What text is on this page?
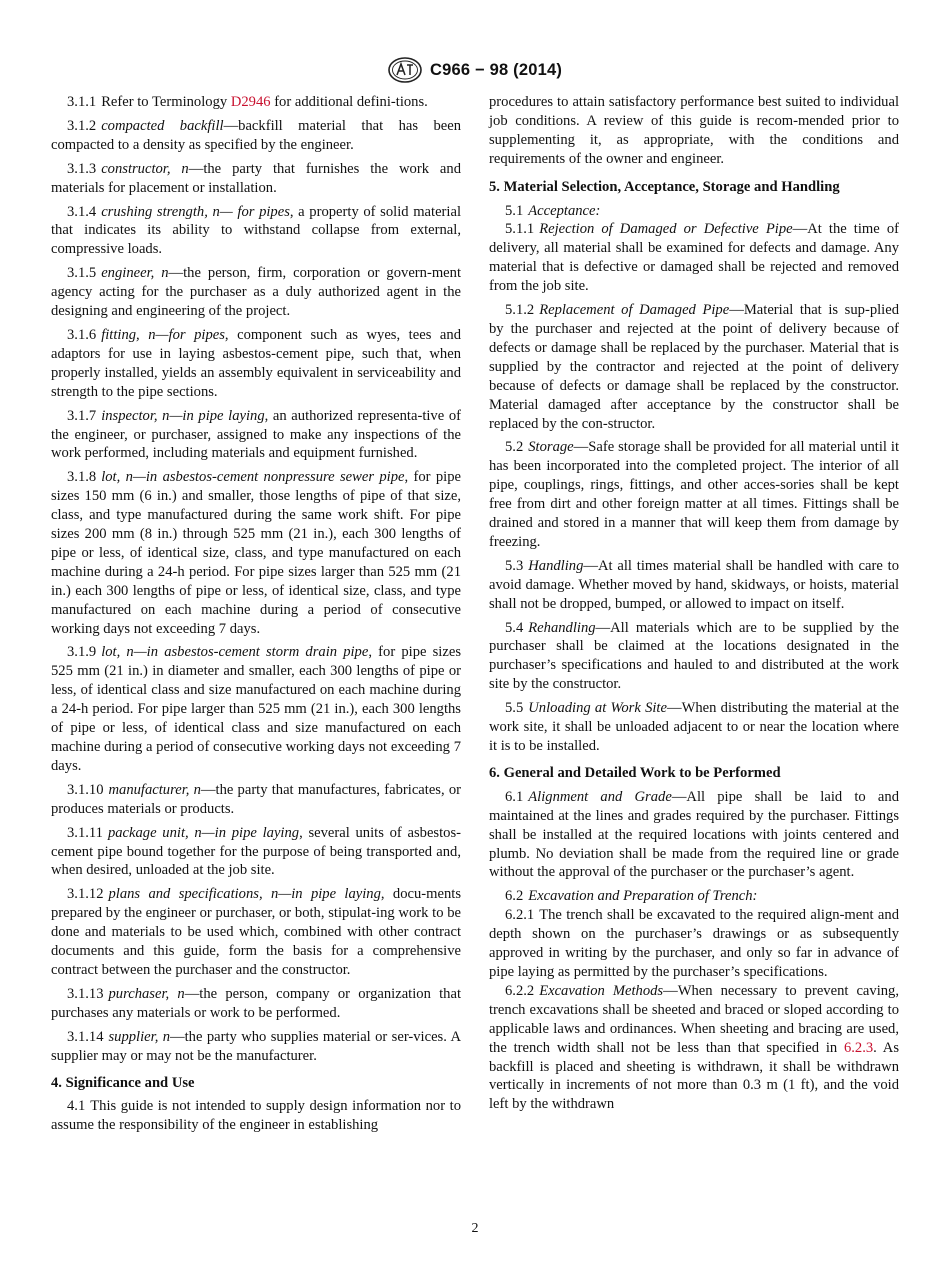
C966 − 98 (2014)

3.1.1 Refer to Terminology D2946 for additional defini-tions.

3.1.2 compacted backfill—backfill material that has been compacted to a density as specified by the engineer.

3.1.3 constructor, n—the party that furnishes the work and materials for placement or installation.

3.1.4 crushing strength, n— for pipes, a property of solid material that indicates its ability to withstand collapse from external, compressive loads.

3.1.5 engineer, n—the person, firm, corporation or govern-ment agency acting for the purchaser as a duly authorized agent in the designing and engineering of the project.

3.1.6 fitting, n—for pipes, component such as wyes, tees and adaptors for use in laying asbestos-cement pipe, such that, when properly installed, yields an assembly equivalent in serviceability and strength to the pipe sections.

3.1.7 inspector, n—in pipe laying, an authorized representa-tive of the engineer, or purchaser, assigned to make any inspections of the work performed, including materials and equipment furnished.

3.1.8 lot, n—in asbestos-cement nonpressure sewer pipe, for pipe sizes 150 mm (6 in.) and smaller, those lengths of pipe of that size, class, and type manufactured during the same work shift. For pipe sizes 200 mm (8 in.) through 525 mm (21 in.), each 300 lengths of pipe or less, of identical size, class, and type manufactured on each machine during a 24-h period. For pipe sizes larger than 525 mm (21 in.) each 300 lengths of pipe or less, of identical size, class, and type manufactured on each machine during a period of consecutive working days not exceeding 7 days.

3.1.9 lot, n—in asbestos-cement storm drain pipe, for pipe sizes 525 mm (21 in.) in diameter and smaller, each 300 lengths of pipe or less, of identical class and size manufactured on each machine during a 24-h period. For pipe larger than 525 mm (21 in.), each 300 lengths of pipe or less, of identical class and size manufactured on each machine during a period of consecutive working days not exceeding 7 days.

3.1.10 manufacturer, n—the party that manufactures, fabricates, or produces materials or products.

3.1.11 package unit, n—in pipe laying, several units of asbestos-cement pipe bound together for the purpose of being transported and, when desired, unloaded at the job site.

3.1.12 plans and specifications, n—in pipe laying, docu-ments prepared by the engineer or purchaser, or both, stipulat-ing work to be done and materials to be used which, combined with other contract documents and this guide, form the basis for a comprehensive contract between the purchaser and the constructor.

3.1.13 purchaser, n—the person, company or organization that purchases any materials or work to be performed.

3.1.14 supplier, n—the party who supplies material or ser-vices. A supplier may or may not be the manufacturer.

4. Significance and Use

4.1 This guide is not intended to supply design information nor to assume the responsibility of the engineer in establishing

procedures to attain satisfactory performance best suited to individual job conditions. A review of this guide is recom-mended prior to supplementing it, as appropriate, with the conditions and requirements of the owner and engineer.

5. Material Selection, Acceptance, Storage and Handling

5.1 Acceptance:

5.1.1 Rejection of Damaged or Defective Pipe—At the time of delivery, all material shall be examined for defects and damage. Any material that is defective or damaged shall be rejected and removed from the job site.

5.1.2 Replacement of Damaged Pipe—Material that is sup-plied by the purchaser and rejected at the point of delivery because of defects or damage shall be replaced by the purchaser. Material that is supplied by the contractor and rejected at the point of delivery because of defects or damage shall be replaced by the constructor. Material damaged after acceptance by the constructor shall be replaced by the con-structor.

5.2 Storage—Safe storage shall be provided for all material until it has been incorporated into the completed project. The interior of all pipe, couplings, rings, fittings, and other acces-sories shall be kept free from dirt and other foreign matter at all times. Fittings shall be drained and stored in a manner that will keep them from damage by freezing.

5.3 Handling—At all times material shall be handled with care to avoid damage. Whether moved by hand, skidways, or hoists, material shall not be dropped, bumped, or allowed to impact on itself.

5.4 Rehandling—All materials which are to be supplied by the purchaser shall be claimed at the locations designated in the purchaser’s specifications and hauled to and distributed at the work site by the constructor.

5.5 Unloading at Work Site—When distributing the material at the work site, it shall be unloaded adjacent to or near the location where it is to be installed.

6. General and Detailed Work to be Performed

6.1 Alignment and Grade—All pipe shall be laid to and maintained at the lines and grades required by the purchaser. Fittings shall be installed at the required locations with joints centered and plumb. No deviation shall be made from the required line or grade without the approval of the purchaser or the purchaser’s agent.

6.2 Excavation and Preparation of Trench:

6.2.1 The trench shall be excavated to the required align-ment and depth shown on the purchaser’s drawings or as subsequently approved in writing by the purchaser, and only so far in advance of pipe laying as permitted by the purchaser’s specifications.

6.2.2 Excavation Methods—When necessary to prevent caving, trench excavations shall be sheeted and braced or sloped according to applicable laws and ordinances. When sheeting and bracing are used, the trench width shall not be less than that specified in 6.2.3. As backfill is placed and sheeting is withdrawn, it shall be withdrawn vertically in increments of not more than 0.3 m (1 ft), and the void left by the withdrawn

2
